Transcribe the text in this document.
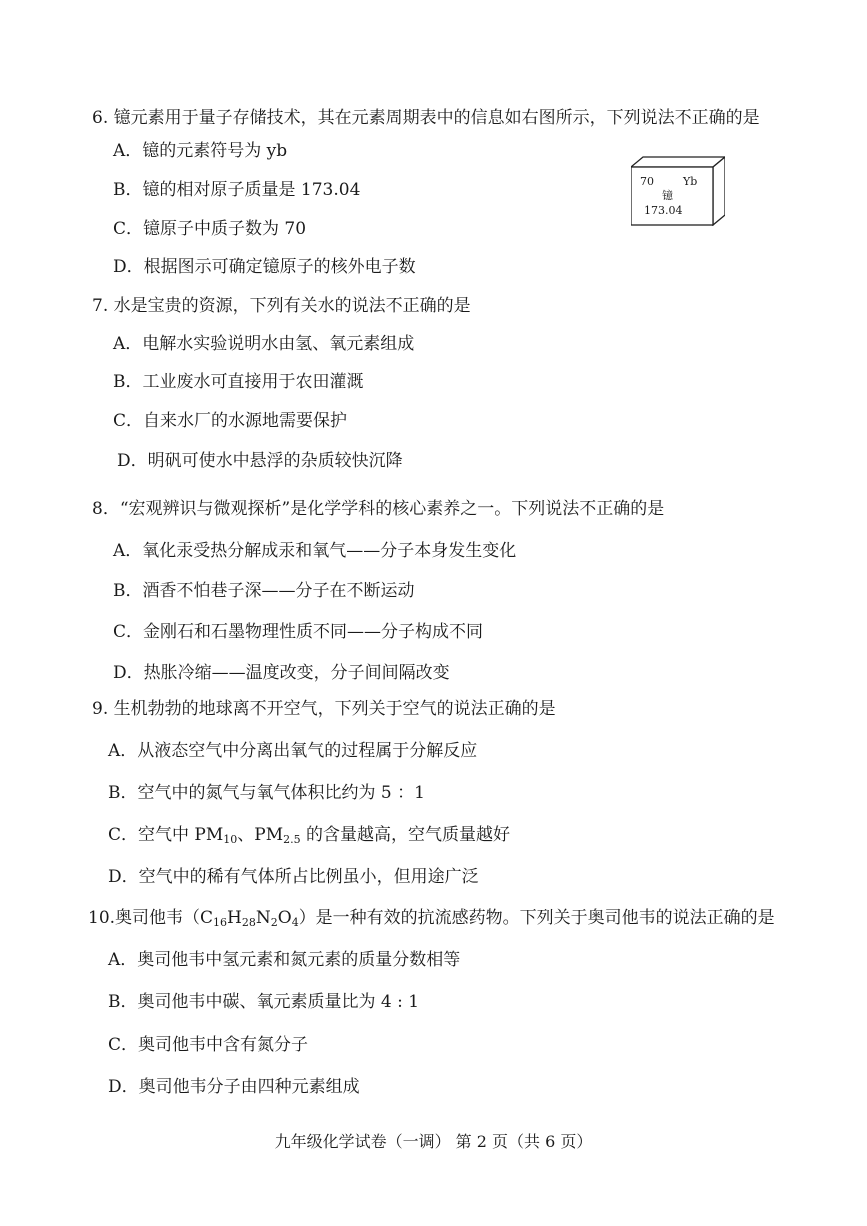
6. 镱元素用于量子存储技术，其在元素周期表中的信息如右图所示，下列说法不正确的是
A．镱的元素符号为 yb
B．镱的相对原子质量是 173.04
C．镱原子中质子数为 70
D．根据图示可确定镱原子的核外电子数
70	Yb
镱
173.04
7. 水是宝贵的资源，下列有关水的说法不正确的是
A．电解水实验说明水由氢、氧元素组成
B．工业废水可直接用于农田灌溉
C．自来水厂的水源地需要保护
D．明矾可使水中悬浮的杂质较快沉降
8．“宏观辨识与微观探析”是化学学科的核心素养之一。下列说法不正确的是
A．氧化汞受热分解成汞和氧气——分子本身发生变化
B．酒香不怕巷子深——分子在不断运动
C．金刚石和石墨物理性质不同——分子构成不同
D．热胀冷缩——温度改变，分子间间隔改变
9. 生机勃勃的地球离不开空气，下列关于空气的说法正确的是
A．从液态空气中分离出氧气的过程属于分解反应
B．空气中的氮气与氧气体积比约为 5 ：1
C．空气中 $PM_{10}$、$PM_{2.5}$ 的含量越高，空气质量越好
D．空气中的稀有气体所占比例虽小，但用途广泛
10.奥司他韦$(C_{16}H_{28}N_2O_4)$是一种有效的抗流感药物。下列关于奥司他韦的说法正确的是
A．奥司他韦中氢元素和氮元素的质量分数相等
B．奥司他韦中碳、氧元素质量比为 4 : 1
C．奥司他韦中含有氮分子
D．奥司他韦分子由四种元素组成
九年级化学试卷（一调） 第 2 页（共 6 页）
